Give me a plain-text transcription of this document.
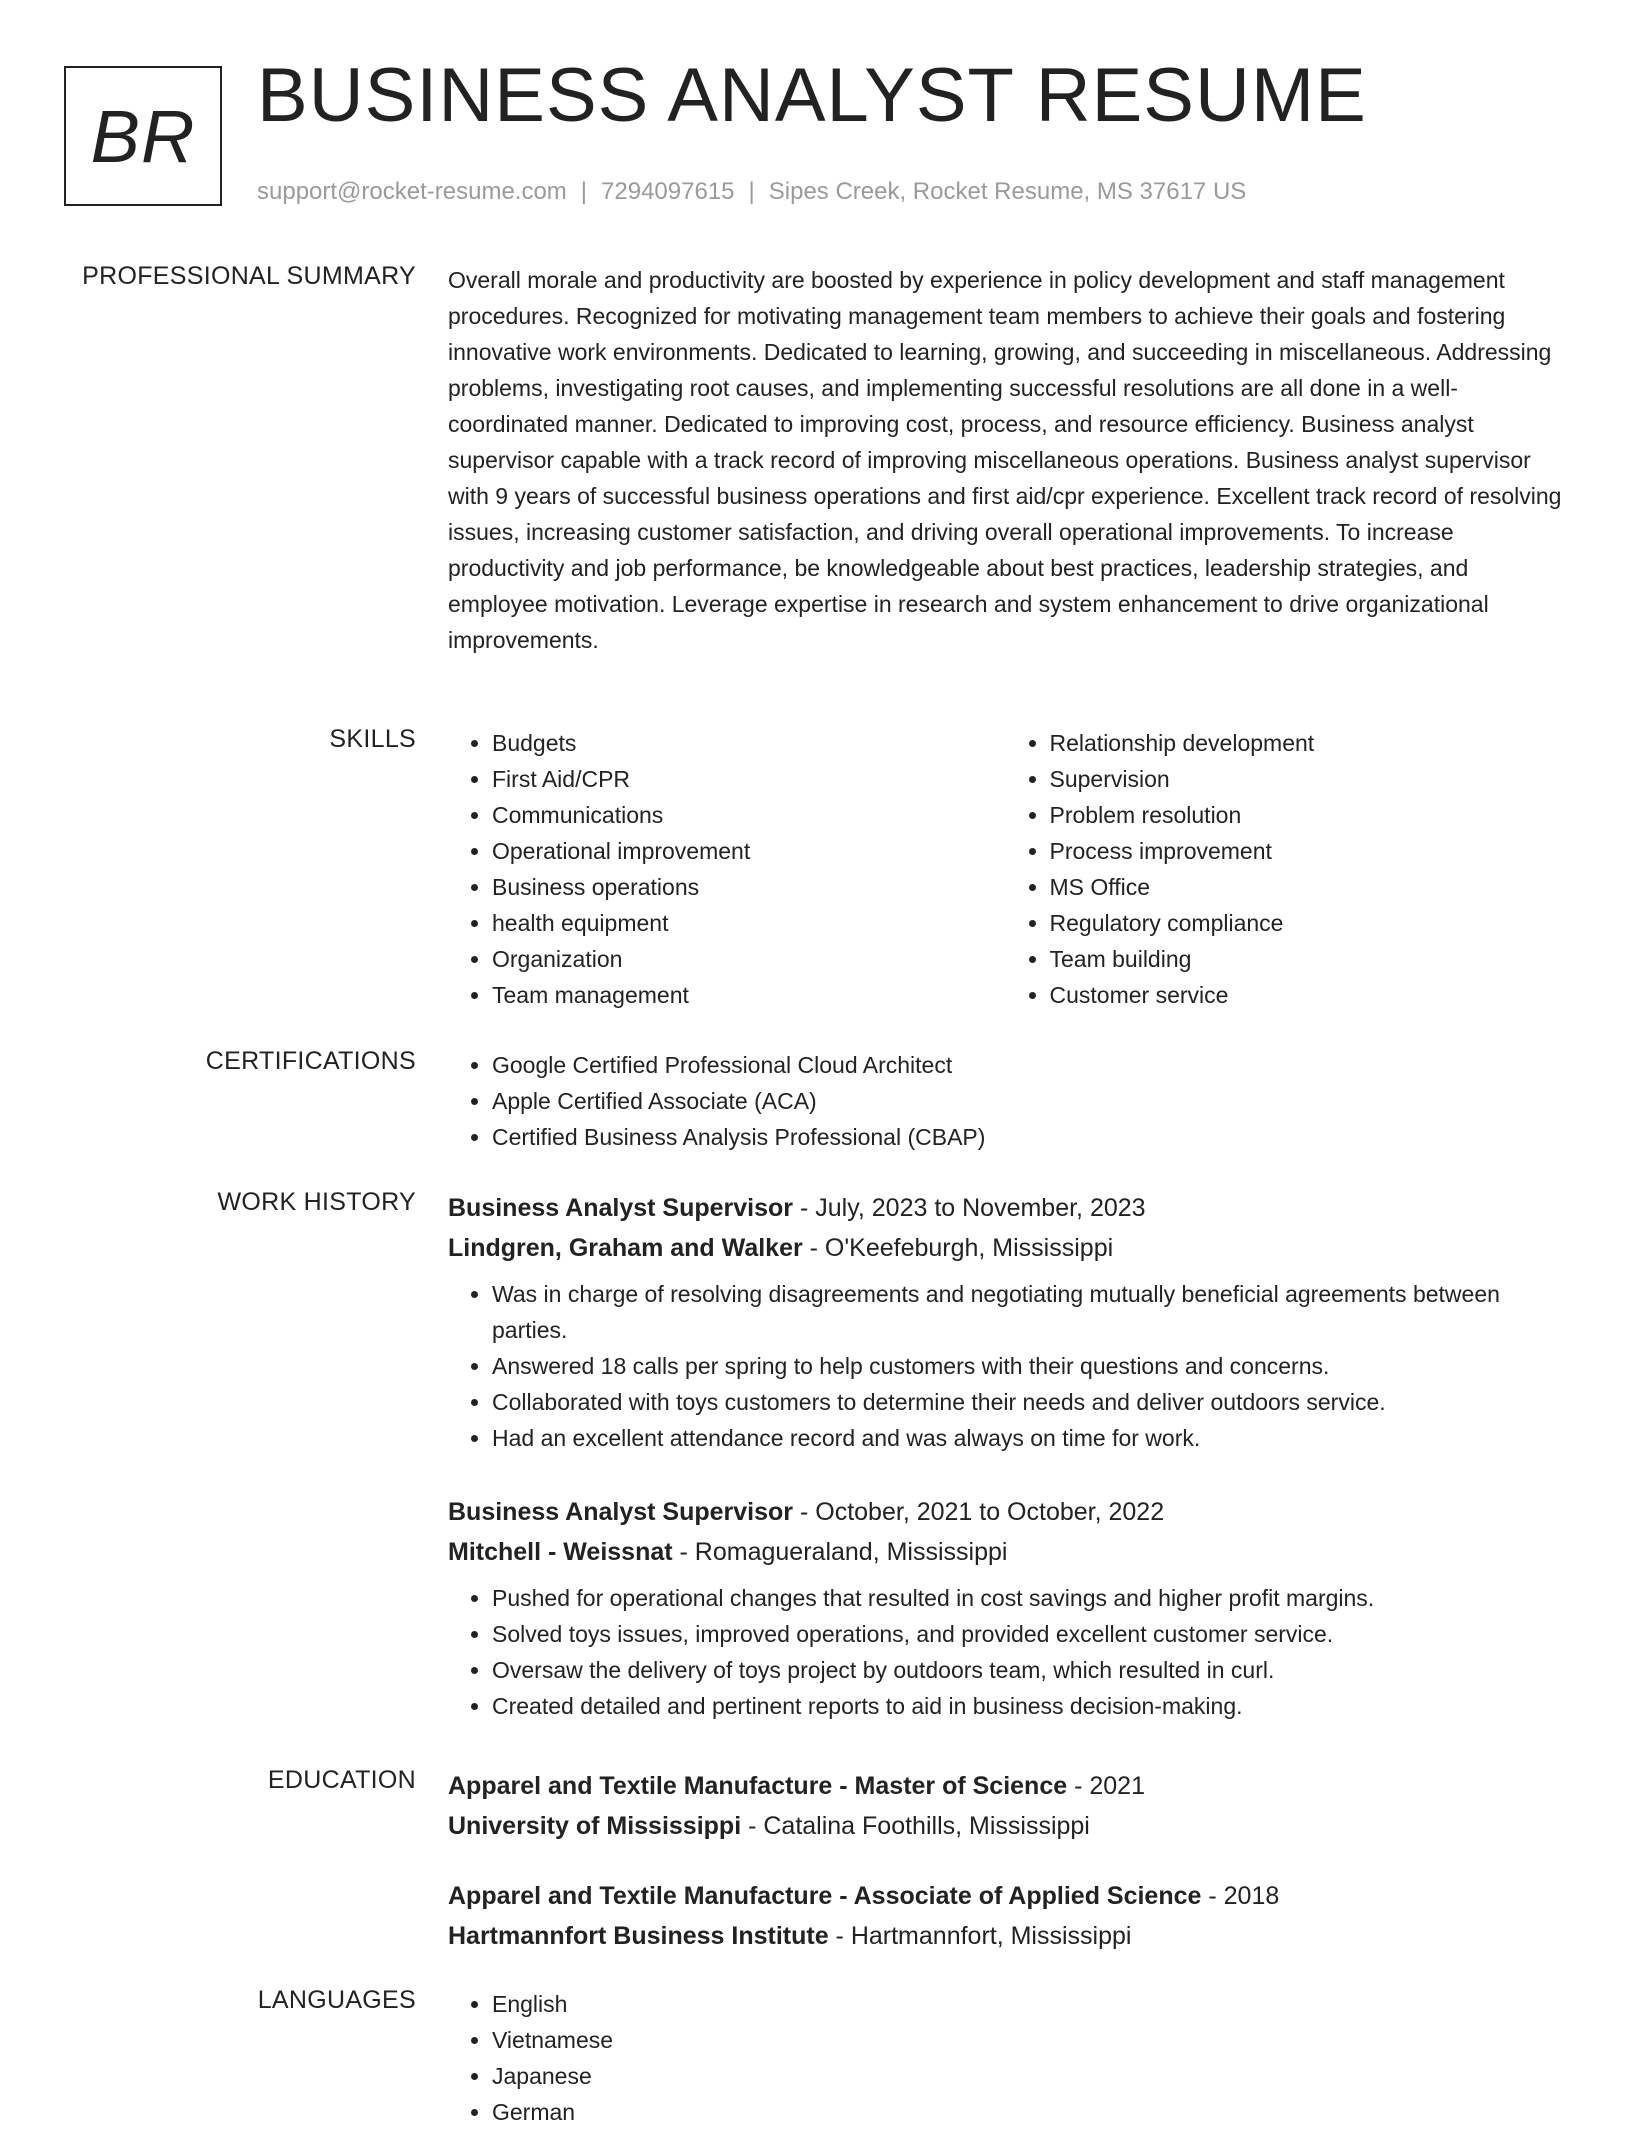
BR BUSINESS ANALYST RESUME
support@rocket-resume.com | 7294097615 | Sipes Creek, Rocket Resume, MS 37617 US
PROFESSIONAL SUMMARY Overall morale and productivity are boosted by experience in policy development and staff management procedures. Recognized for motivating management team members to achieve their goals and fostering innovative work environments. Dedicated to learning, growing, and succeeding in miscellaneous. Addressing problems, investigating root causes, and implementing successful resolutions are all done in a well-coordinated manner. Dedicated to improving cost, process, and resource efficiency. Business analyst supervisor capable with a track record of improving miscellaneous operations. Business analyst supervisor with 9 years of successful business operations and first aid/cpr experience. Excellent track record of resolving issues, increasing customer satisfaction, and driving overall operational improvements. To increase productivity and job performance, be knowledgeable about best practices, leadership strategies, and employee motivation. Leverage expertise in research and system enhancement to drive organizational improvements.

SKILLS	• Budgets
• First Aid/CPR
• Communications
• Operational improvement
• Business operations
• health equipment
• Organization
• Team management
• Relationship development
• Supervision
• Problem resolution
• Process improvement
• MS Office
• Regulatory compliance
• Team building
• Customer service
CERTIFICATIONS	• Google Certified Professional Cloud Architect
• Apple Certified Associate (ACA)
• Certified Business Analysis Professional (CBAP)
WORK HISTORY Business Analyst Supervisor - July, 2023 to November, 2023
Lindgren, Graham and Walker - O'Keefeburgh, Mississippi
• Was in charge of resolving disagreements and negotiating mutually beneficial agreements between parties.
• Answered 18 calls per spring to help customers with their questions and concerns.
• Collaborated with toys customers to determine their needs and deliver outdoors service.
• Had an excellent attendance record and was always on time for work.
Business Analyst Supervisor - October, 2021 to October, 2022
Mitchell - Weissnat - Romagueraland, Mississippi
• Pushed for operational changes that resulted in cost savings and higher profit margins.
• Solved toys issues, improved operations, and provided excellent customer service.
• Oversaw the delivery of toys project by outdoors team, which resulted in curl.
• Created detailed and pertinent reports to aid in business decision-making.
EDUCATION Apparel and Textile Manufacture - Master of Science - 2021
University of Mississippi - Catalina Foothills, Mississippi
Apparel and Textile Manufacture - Associate of Applied Science - 2018
Hartmannfort Business Institute - Hartmannfort, Mississippi
LANGUAGES	• English
• Vietnamese
• Japanese
• German
